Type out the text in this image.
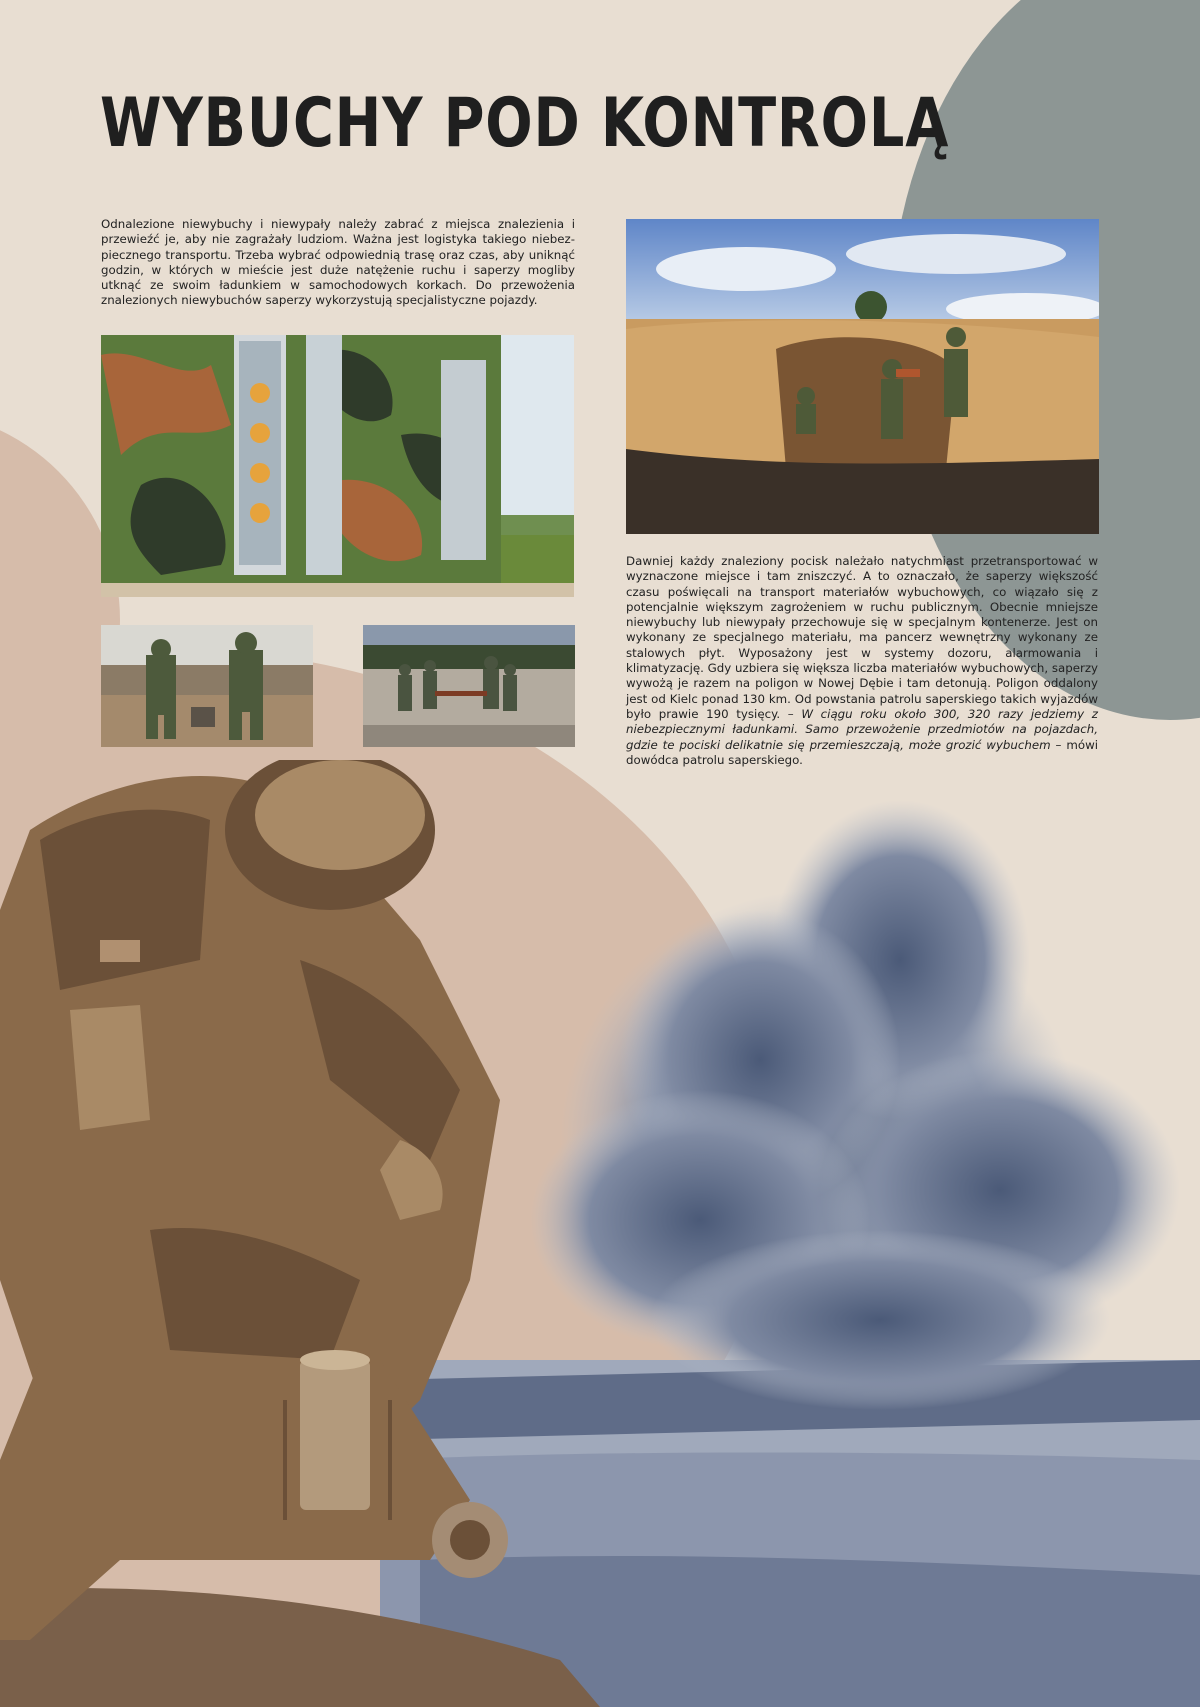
WYBUCHY POD KONTROLĄ

Odnalezione niewybuchy i niewypały należy zabrać z miejsca znalezienia i przewieźć je, aby nie zagrażały ludziom. Ważna jest logistyka takiego niebezpiecznego transportu. Trzeba wybrać odpowiednią trasę oraz czas, aby uniknąć godzin, w których w mieście jest duże natężenie ruchu i saperzy mogliby utknąć ze swoim ładunkiem w samochodowych korkach. Do przewożenia znalezionych niewybuchów saperzy wykorzystują specjalistyczne pojazdy.

Dawniej każdy znaleziony pocisk należało natychmiast przetransportować w wyznaczone miejsce i tam zniszczyć. A to oznaczało, że saperzy większość czasu poświęcali na transport materiałów wybuchowych, co wiązało się z potencjalnie większym zagrożeniem w ruchu publicznym. Obecnie mniejsze niewybuchy lub niewypały przechowuje się w specjalnym kontenerze. Jest on wykonany ze specjalnego materiału, ma pancerz wewnętrzny wykonany ze stalowych płyt. Wyposażony jest w systemy dozoru, alarmowania i klimatyzację. Gdy uzbiera się większa liczba materiałów wybuchowych, saperzy wywożą je razem na poligon w Nowej Dębie i tam detonują. Poligon oddalony jest od Kielc ponad 130 km. Od powstania patrolu saperskiego takich wyjazdów było prawie 190 tysięcy. – W ciągu roku około 300, 320 razy jedziemy z niebezpiecznymi ładunkami. Samo przewożenie przedmiotów na pojazdach, gdzie te pociski delikatnie się przemieszczają, może grozić wybuchem – mówi dowódca patrolu saperskiego.
